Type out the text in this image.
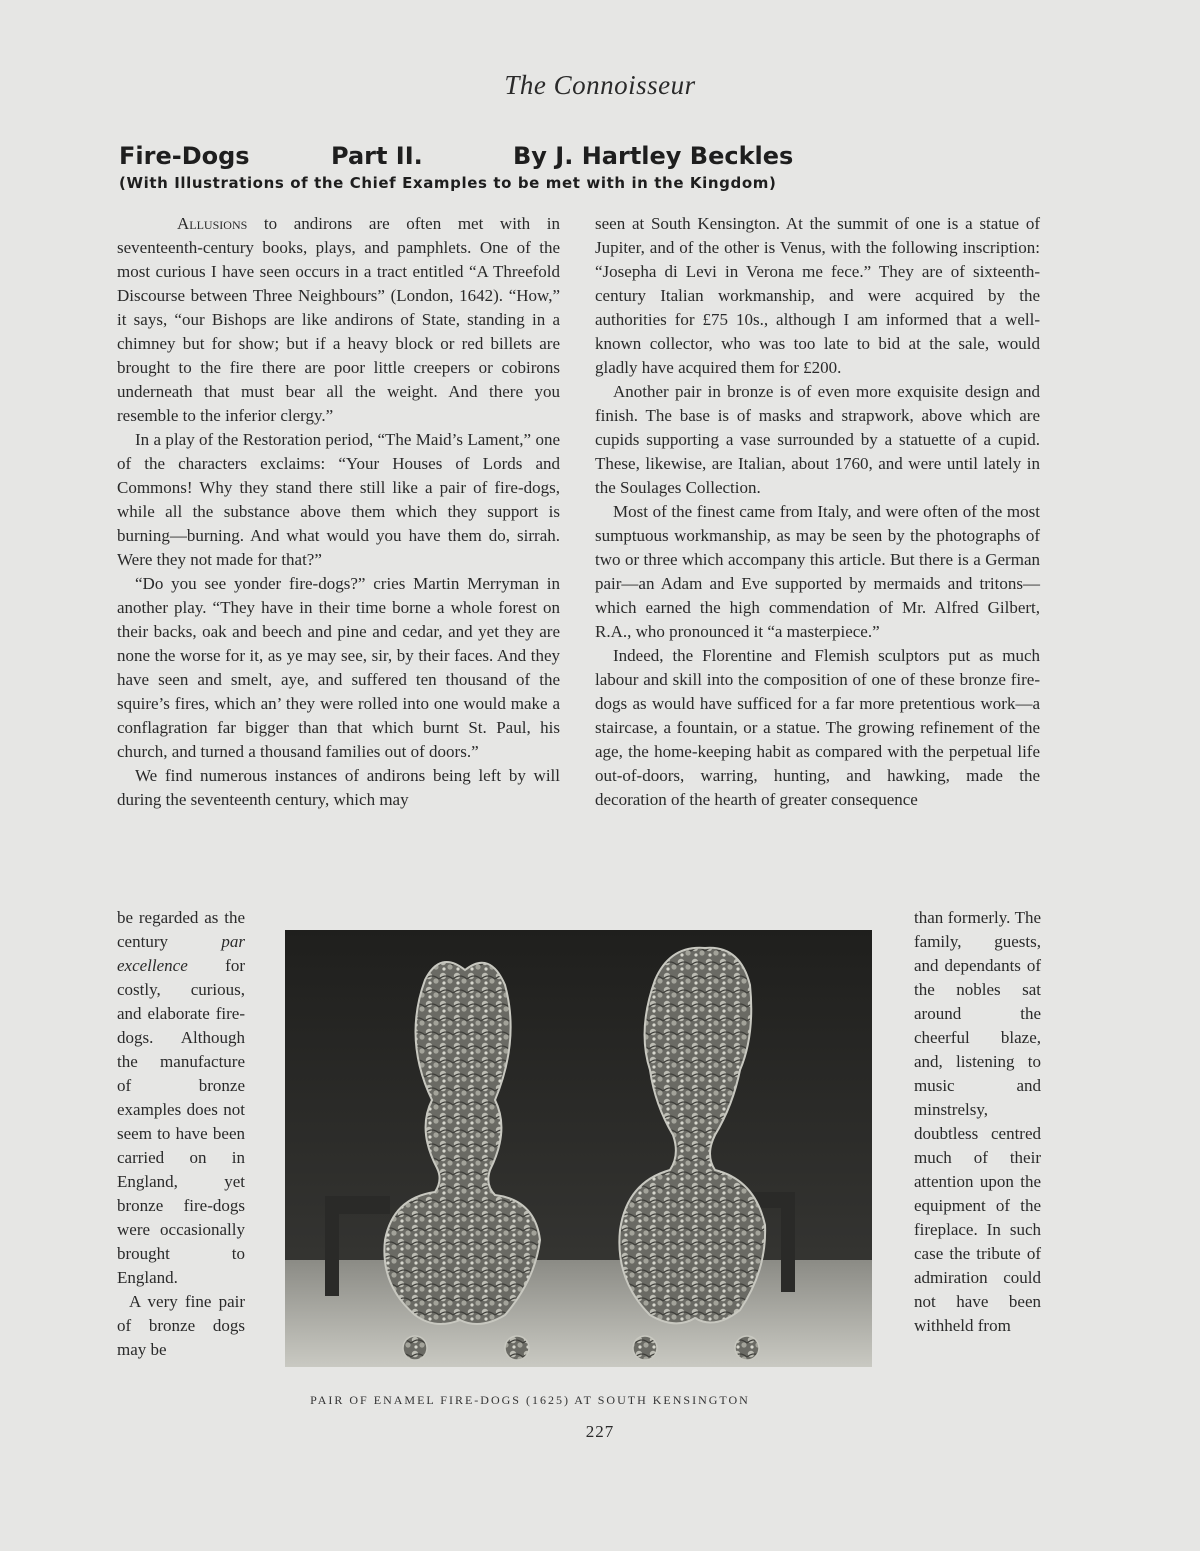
The Connoisseur
Fire-Dogs	Part II.	By J. Hartley Beckles
(With Illustrations of the Chief Examples to be met with in the Kingdom)

Allusions to andirons are often met with in seventeenth-century books, plays, and pamphlets. One of the most curious I have seen occurs in a tract entitled “A Threefold Discourse between Three Neighbours” (London, 1642). “How,” it says, “our Bishops are like andirons of State, standing in a chimney but for show; but if a heavy block or red billets are brought to the fire there are poor little creepers or cobirons underneath that must bear all the weight. And there you resemble to the inferior clergy.”

In a play of the Restoration period, “The Maid’s Lament,” one of the characters exclaims: “Your Houses of Lords and Commons! Why they stand there still like a pair of fire-dogs, while all the substance above them which they support is burning—burning. And what would you have them do, sirrah. Were they not made for that?”

“Do you see yonder fire-dogs?” cries Martin Merryman in another play. “They have in their time borne a whole forest on their backs, oak and beech and pine and cedar, and yet they are none the worse for it, as ye may see, sir, by their faces. And they have seen and smelt, aye, and suffered ten thousand of the squire’s fires, which an’ they were rolled into one would make a conflagration far bigger than that which burnt St. Paul, his church, and turned a thousand families out of doors.”

We find numerous instances of andirons being left by will during the seventeenth century, which may

be regarded as the century par excellence for costly, curious, and elaborate fire-dogs. Although the manufacture of bronze examples does not seem to have been carried on in England, yet bronze fire-dogs were occasionally brought to England.

A very fine pair of bronze dogs may be

seen at South Kensington. At the summit of one is a statue of Jupiter, and of the other is Venus, with the following inscription: “Josepha di Levi in Verona me fece.” They are of sixteenth-century Italian workmanship, and were acquired by the authorities for £75 10s., although I am informed that a well-known collector, who was too late to bid at the sale, would gladly have acquired them for £200.

Another pair in bronze is of even more exquisite design and finish. The base is of masks and strapwork, above which are cupids supporting a vase surrounded by a statuette of a cupid. These, likewise, are Italian, about 1760, and were until lately in the Soulages Collection.

Most of the finest came from Italy, and were often of the most sumptuous workmanship, as may be seen by the photographs of two or three which accompany this article. But there is a German pair—an Adam and Eve supported by mermaids and tritons—which earned the high commendation of Mr. Alfred Gilbert, R.A., who pronounced it “a masterpiece.”

Indeed, the Florentine and Flemish sculptors put as much labour and skill into the composition of one of these bronze fire-dogs as would have sufficed for a far more pretentious work—a staircase, a fountain, or a statue. The growing refinement of the age, the home-keeping habit as compared with the perpetual life out-of-doors, warring, hunting, and hawking, made the decoration of the hearth of greater consequence

than formerly. The family, guests, and dependants of the nobles sat around the cheerful blaze, and, listening to music and minstrelsy, doubtless centred much of their attention upon the equipment of the fireplace. In such case the tribute of admiration could not have been withheld from

PAIR OF ENAMEL FIRE-DOGS (1625) AT SOUTH KENSINGTON
227
